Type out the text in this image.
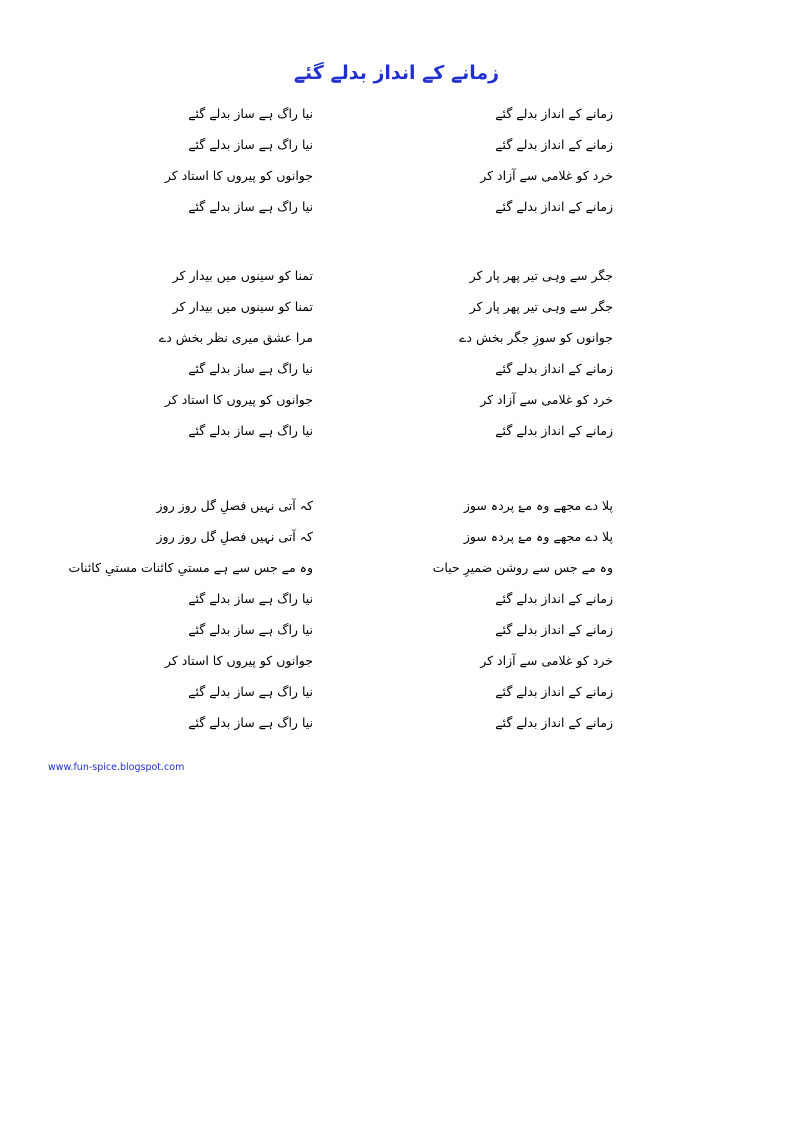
زمانے کے انداز بدلے گئے
زمانے کے انداز بدلے گئے
نیا راگ ہے ساز بدلے گئے
زمانے کے انداز بدلے گئے
نیا راگ ہے ساز بدلے گئے
خرد کو غلامی سے آزاد کر
جوانوں کو پیروں کا استاد کر
زمانے کے انداز بدلے گئے
نیا راگ ہے ساز بدلے گئے
جگر سے وہی تیر پھر پار کر
تمنا کو سینوں میں بیدار کر
جگر سے وہی تیر پھر پار کر
تمنا کو سینوں میں بیدار کر
جوانوں کو سوزِ جگر بخش دے
مرا عشق میری نظر بخش دے
زمانے کے انداز بدلے گئے
نیا راگ ہے ساز بدلے گئے
خرد کو غلامی سے آزاد کر
جوانوں کو پیروں کا استاد کر
زمانے کے انداز بدلے گئے
نیا راگ ہے ساز بدلے گئے
پلا دے مجھے وہ مۓ پردہ سوز
کہ آتی نہیں فصلِ گل روز روز
پلا دے مجھے وہ مۓ پردہ سوز
کہ آتی نہیں فصلِ گل روز روز
وہ مے جس سے روشن ضمیرِ حیات
وہ مے جس سے ہے مستیِ کائنات مستیِ کائنات
زمانے کے انداز بدلے گئے
نیا راگ ہے ساز بدلے گئے
زمانے کے انداز بدلے گئے
نیا راگ ہے ساز بدلے گئے
خرد کو غلامی سے آزاد کر
جوانوں کو پیروں کا استاد کر
زمانے کے انداز بدلے گئے
نیا راگ ہے ساز بدلے گئے
زمانے کے انداز بدلے گئے
نیا راگ ہے ساز بدلے گئے
www.fun-spice.blogspot.com
